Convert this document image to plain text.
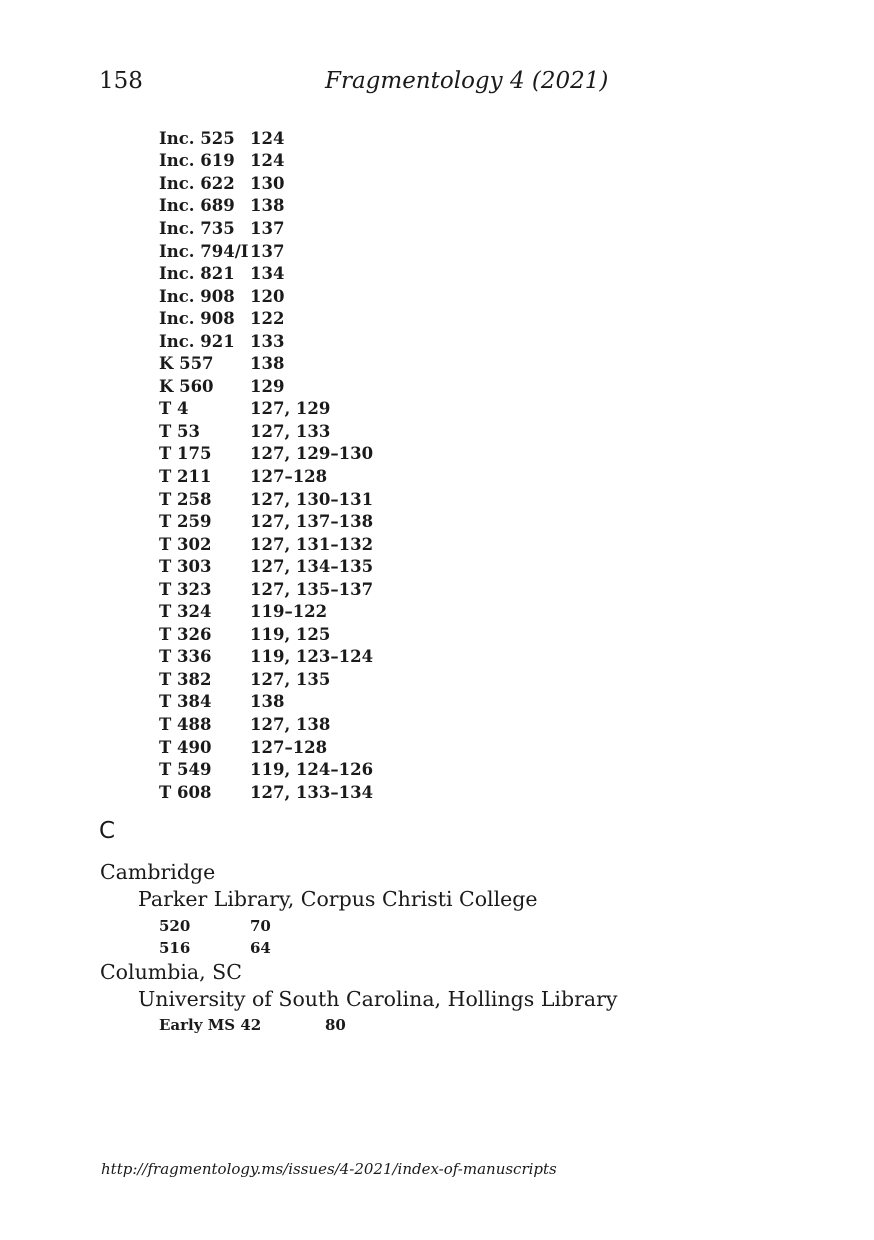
158	Fragmentology 4 (2021)
Inc. 525 124
Inc. 619 124
Inc. 622 130
Inc. 689 138
Inc. 735 137
Inc. 794/I 137
Inc. 821 134
Inc. 908 120
Inc. 908 122
Inc. 921 133
K 557	138
K 560	129
T 4	127, 129
T 53	127, 133
T 175	127, 129–130
T 211	127–128
T 258	127, 130–131
T 259	127, 137–138
T 302	127, 131–132
T 303	127, 134–135
T 323	127, 135–137
T 324	119–122
T 326	119, 125
T 336	119, 123–124
T 382	127, 135
T 384	138
T 488	127, 138
T 490	127–128
T 549	119, 124–126
T 608	127, 133–134
C
Cambridge
Parker Library, Corpus Christi College
520	70
516	64
Columbia, SC
University of South Carolina, Hollings Library
Early MS 42	80
http://fragmentology.ms/issues/4-2021/index-of-manuscripts
